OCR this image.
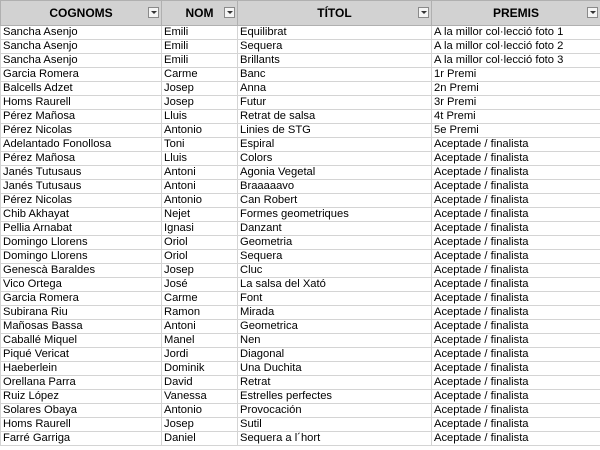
COGNOMS	NOM	TÍTOL	PREMIS

Sancha Asenjo	Emili	Equilibrat	A la millor col·lecció foto 1
Sancha Asenjo	Emili	Sequera	A la millor col·lecció foto 2
Sancha Asenjo	Emili	Brillants	A la millor col·lecció foto 3
Garcia Romera	Carme	Banc	1r Premi
Balcells Adzet	Josep	Anna	2n Premi
Homs Raurell	Josep	Futur	3r Premi
Pérez Mañosa	Lluis	Retrat de salsa	4t Premi
Pérez Nicolas	Antonio	Linies de STG	5e Premi
Adelantado Fonollosa	Toni	Espiral	Aceptade / finalista
Pérez Mañosa	Lluis	Colors	Aceptade / finalista
Janés Tutusaus	Antoni	Agonia Vegetal	Aceptade / finalista
Janés Tutusaus	Antoni	Braaaaavo	Aceptade / finalista
Pérez Nicolas	Antonio	Can Robert	Aceptade / finalista
Chib Akhayat	Nejet	Formes geometriques	Aceptade / finalista
Pellia Arnabat	Ignasi	Danzant	Aceptade / finalista
Domingo Llorens	Oriol	Geometria	Aceptade / finalista
Domingo Llorens	Oriol	Sequera	Aceptade / finalista
Genescà Baraldes	Josep	Cluc	Aceptade / finalista
Vico Ortega	José	La salsa del Xató	Aceptade / finalista
Garcia Romera	Carme	Font	Aceptade / finalista
Subirana Riu	Ramon	Mirada	Aceptade / finalista
Mañosas Bassa	Antoni	Geometrica	Aceptade / finalista
Caballé Miquel	Manel	Nen	Aceptade / finalista
Piqué Vericat	Jordi	Diagonal	Aceptade / finalista
Haeberlein	Dominik	Una Duchita	Aceptade / finalista
Orellana Parra	David	Retrat	Aceptade / finalista
Ruiz López	Vanessa	Estrelles perfectes	Aceptade / finalista
Solares Obaya	Antonio	Provocación	Aceptade / finalista
Homs Raurell	Josep	Sutil	Aceptade / finalista
Farré Garriga	Daniel	Sequera a l´hort	Aceptade / finalista
